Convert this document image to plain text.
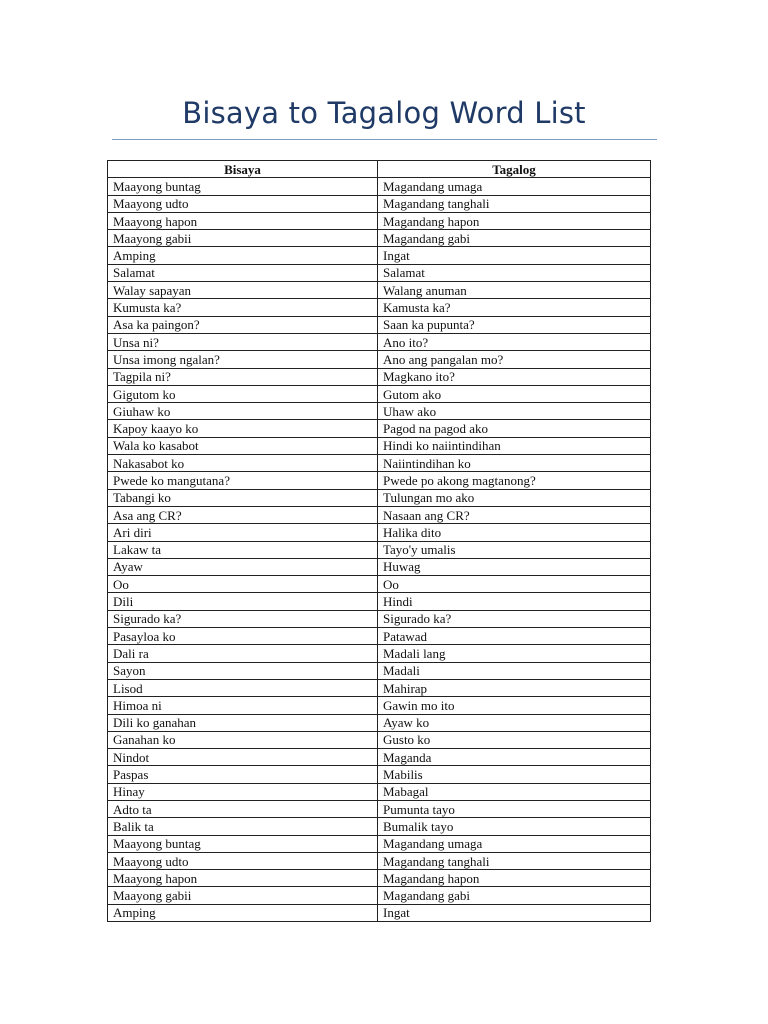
Bisaya to Tagalog Word List
Bisaya	Tagalog
Maayong buntag	Magandang umaga
Maayong udto	Magandang tanghali
Maayong hapon	Magandang hapon
Maayong gabii	Magandang gabi
Amping	Ingat
Salamat	Salamat
Walay sapayan	Walang anuman
Kumusta ka?	Kamusta ka?
Asa ka paingon?	Saan ka pupunta?
Unsa ni?	Ano ito?
Unsa imong ngalan?	Ano ang pangalan mo?
Tagpila ni?	Magkano ito?
Gigutom ko	Gutom ako
Giuhaw ko	Uhaw ako
Kapoy kaayo ko	Pagod na pagod ako
Wala ko kasabot	Hindi ko naiintindihan
Nakasabot ko	Naiintindihan ko
Pwede ko mangutana?	Pwede po akong magtanong?
Tabangi ko	Tulungan mo ako
Asa ang CR?	Nasaan ang CR?
Ari diri	Halika dito
Lakaw ta	Tayo'y umalis
Ayaw	Huwag
Oo	Oo
Dili	Hindi
Sigurado ka?	Sigurado ka?
Pasayloa ko	Patawad
Dali ra	Madali lang
Sayon	Madali
Lisod	Mahirap
Himoa ni	Gawin mo ito
Dili ko ganahan	Ayaw ko
Ganahan ko	Gusto ko
Nindot	Maganda
Paspas	Mabilis
Hinay	Mabagal
Adto ta	Pumunta tayo
Balik ta	Bumalik tayo
Maayong buntag	Magandang umaga
Maayong udto	Magandang tanghali
Maayong hapon	Magandang hapon
Maayong gabii	Magandang gabi
Amping	Ingat
